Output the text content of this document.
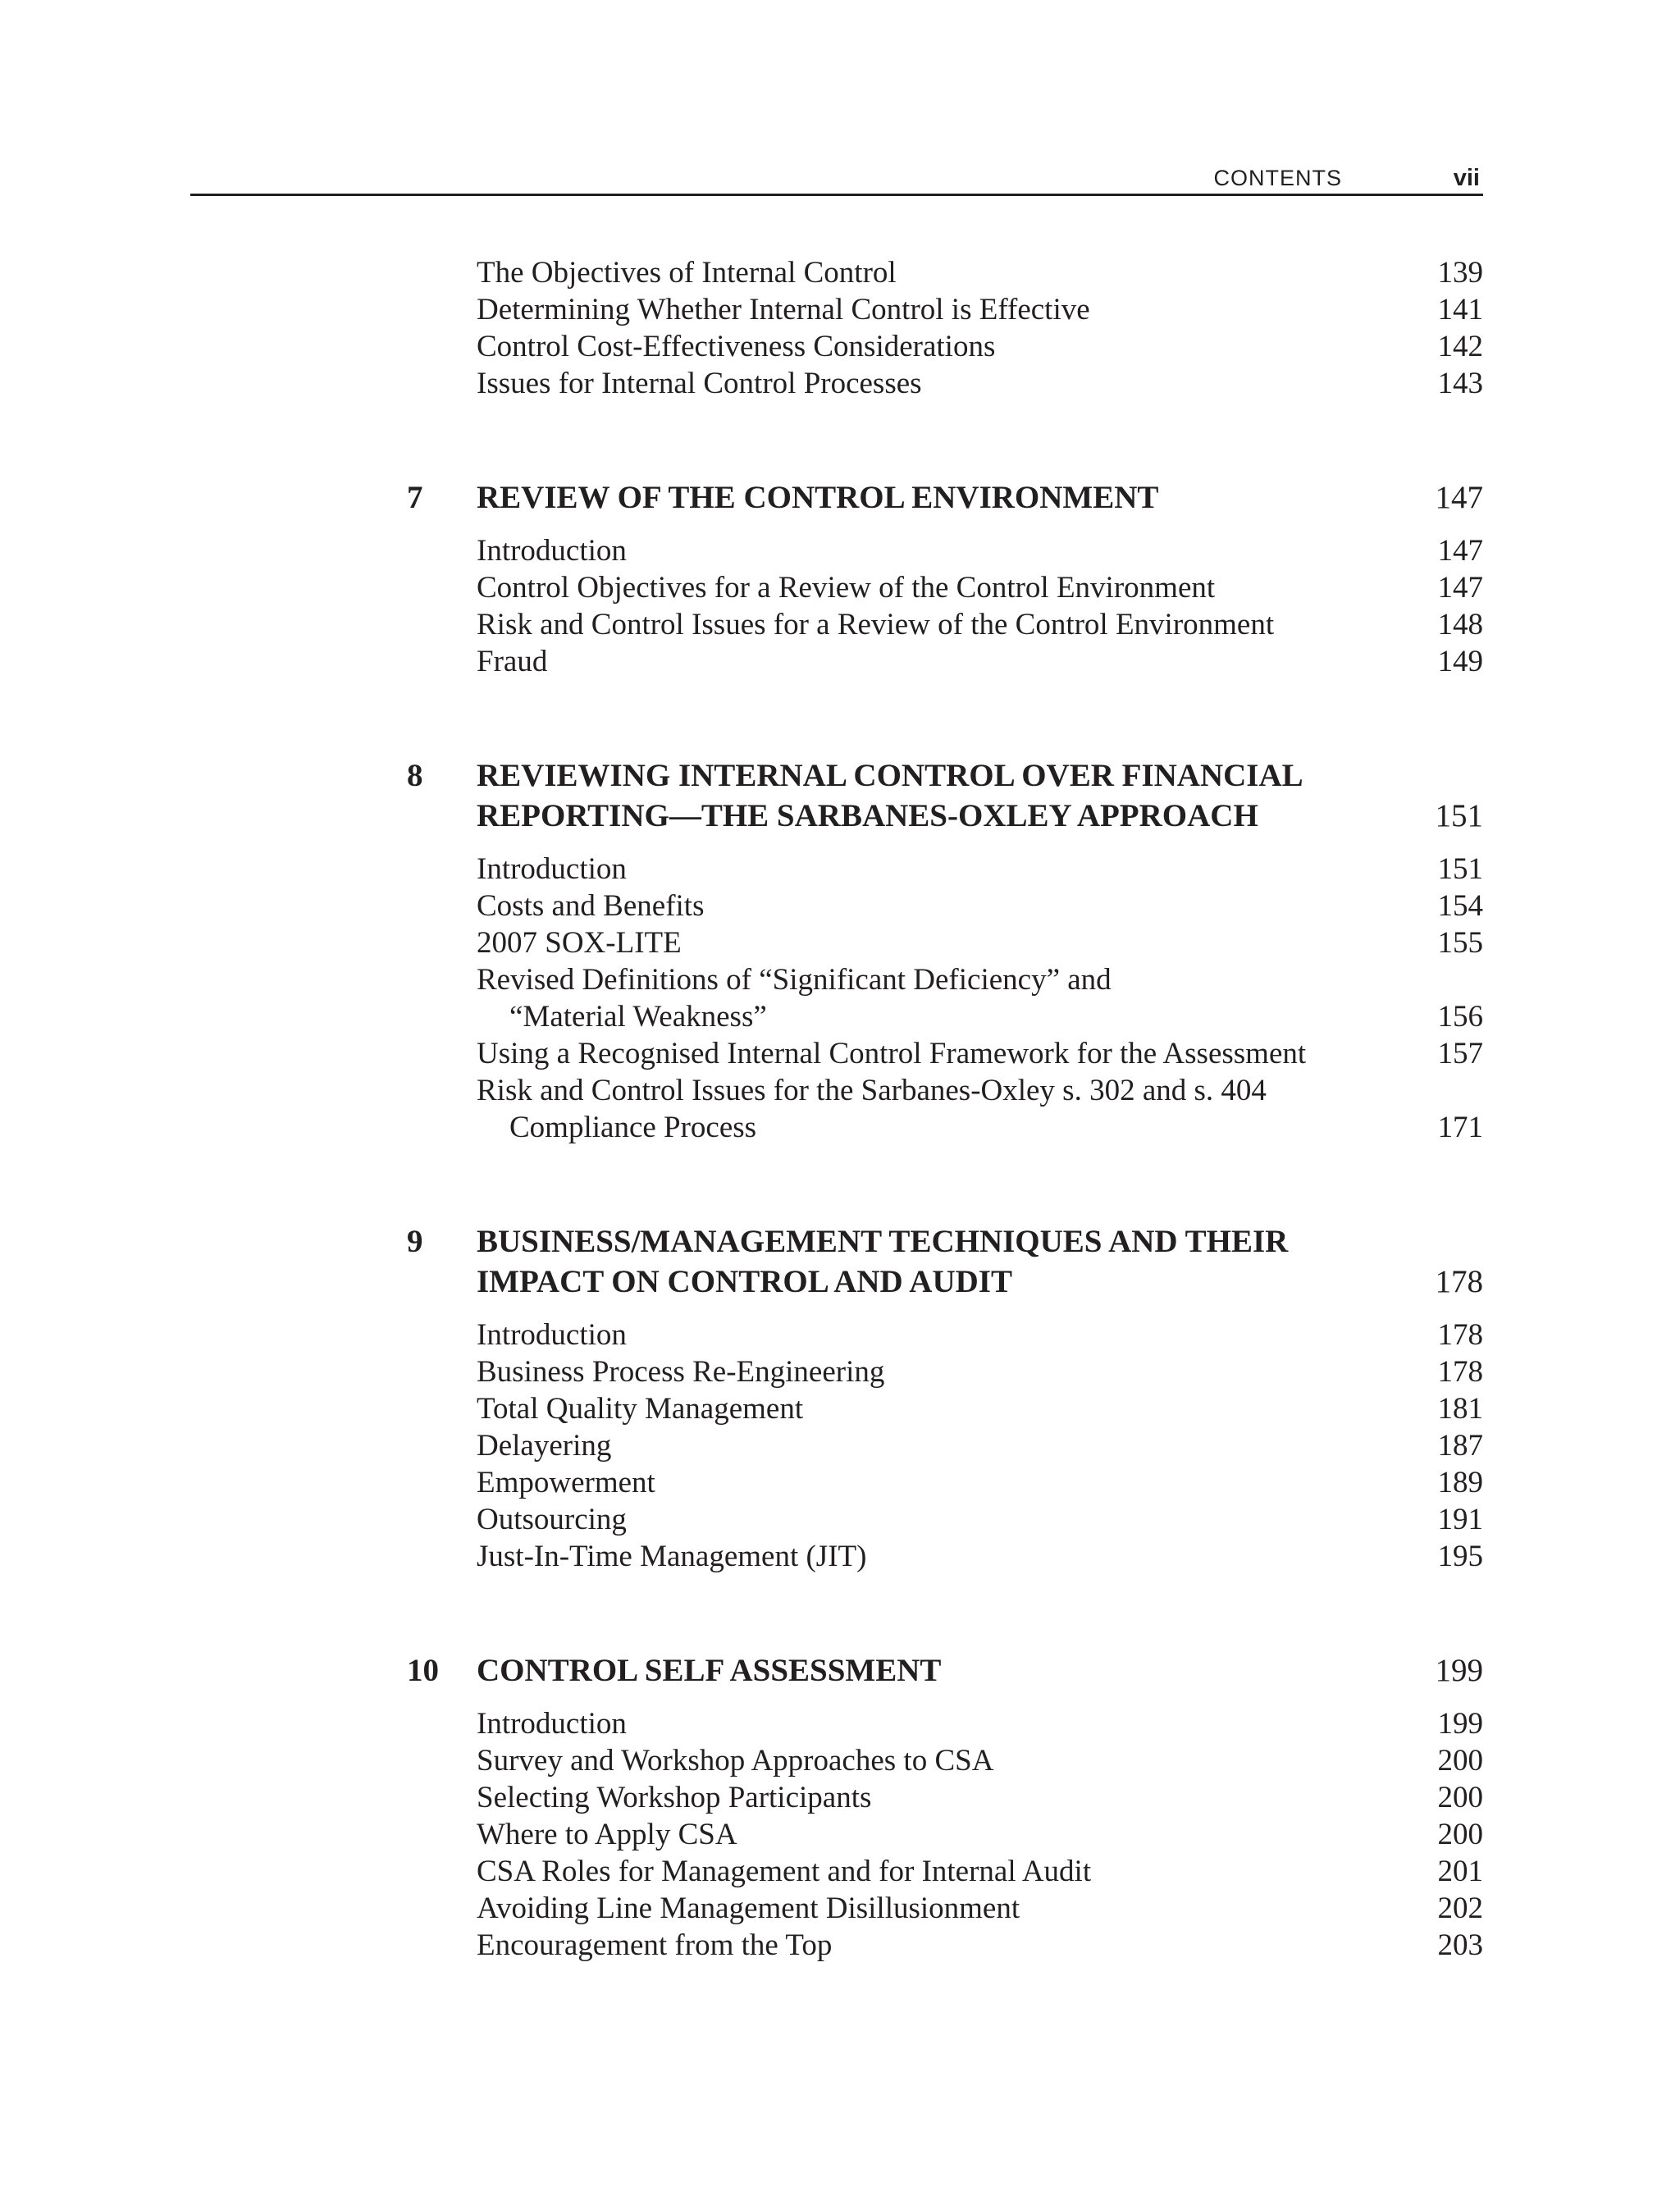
CONTENTS	vii
The Objectives of Internal Control	139
Determining Whether Internal Control is Effective	141
Control Cost-Effectiveness Considerations	142
Issues for Internal Control Processes	143
7 REVIEW OF THE CONTROL ENVIRONMENT	147
Introduction	147
Control Objectives for a Review of the Control Environment	147
Risk and Control Issues for a Review of the Control Environment	148
Fraud	149
8 REVIEWING INTERNAL CONTROL OVER FINANCIAL
REPORTING—THE SARBANES-OXLEY APPROACH	151
Introduction	151
Costs and Benefits	154
2007 SOX-LITE	155
Revised Definitions of “Significant Deficiency” and
“Material Weakness”	156
Using a Recognised Internal Control Framework for the Assessment	157
Risk and Control Issues for the Sarbanes-Oxley s. 302 and s. 404
Compliance Process	171
9 BUSINESS/MANAGEMENT TECHNIQUES AND THEIR
IMPACT ON CONTROL AND AUDIT	178
Introduction	178
Business Process Re-Engineering	178
Total Quality Management	181
Delayering	187
Empowerment	189
Outsourcing	191
Just-In-Time Management (JIT)	195
10 CONTROL SELF ASSESSMENT	199
Introduction	199
Survey and Workshop Approaches to CSA	200
Selecting Workshop Participants	200
Where to Apply CSA	200
CSA Roles for Management and for Internal Audit	201
Avoiding Line Management Disillusionment	202
Encouragement from the Top	203
